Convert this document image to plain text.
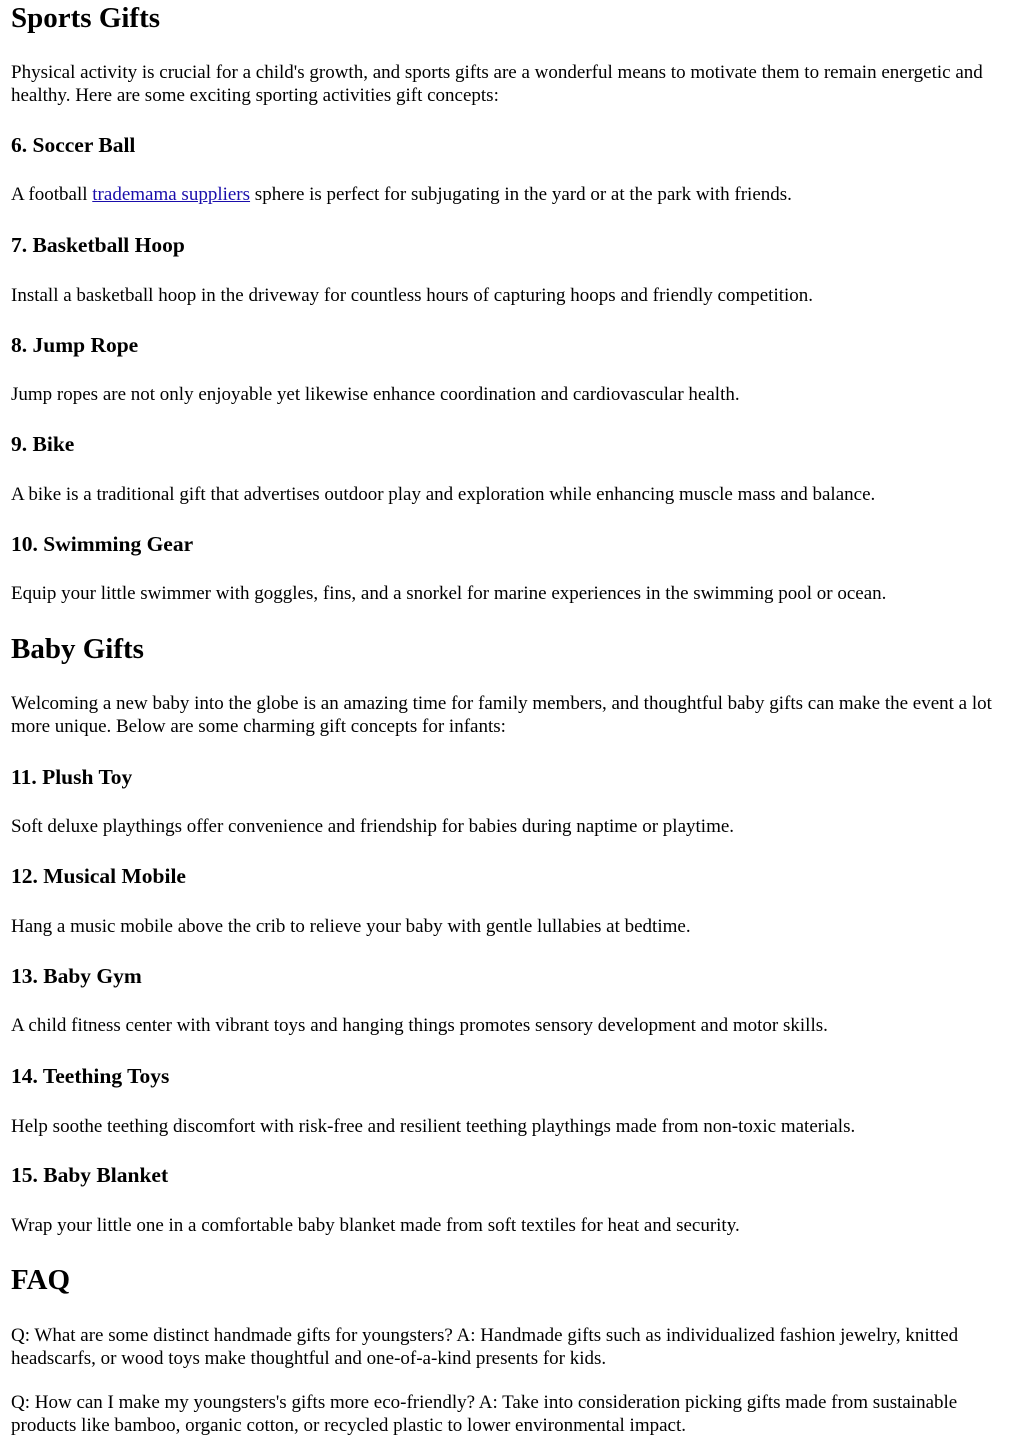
Sports Gifts

Physical activity is crucial for a child's growth, and sports gifts are a wonderful means to motivate them to remain energetic and healthy. Here are some exciting sporting activities gift concepts:

6. Soccer Ball

A football trademama suppliers sphere is perfect for subjugating in the yard or at the park with friends.

7. Basketball Hoop

Install a basketball hoop in the driveway for countless hours of capturing hoops and friendly competition.

8. Jump Rope

Jump ropes are not only enjoyable yet likewise enhance coordination and cardiovascular health.

9. Bike

A bike is a traditional gift that advertises outdoor play and exploration while enhancing muscle mass and balance.

10. Swimming Gear

Equip your little swimmer with goggles, fins, and a snorkel for marine experiences in the swimming pool or ocean.

Baby Gifts

Welcoming a new baby into the globe is an amazing time for family members, and thoughtful baby gifts can make the event a lot more unique. Below are some charming gift concepts for infants:

11. Plush Toy

Soft deluxe playthings offer convenience and friendship for babies during naptime or playtime.

12. Musical Mobile

Hang a music mobile above the crib to relieve your baby with gentle lullabies at bedtime.

13. Baby Gym

A child fitness center with vibrant toys and hanging things promotes sensory development and motor skills.

14. Teething Toys

Help soothe teething discomfort with risk-free and resilient teething playthings made from non-toxic materials.

15. Baby Blanket

Wrap your little one in a comfortable baby blanket made from soft textiles for heat and security.

FAQ

Q: What are some distinct handmade gifts for youngsters? A: Handmade gifts such as individualized fashion jewelry, knitted headscarfs, or wood toys make thoughtful and one-of-a-kind presents for kids.

Q: How can I make my youngsters's gifts more eco-friendly? A: Take into consideration picking gifts made from sustainable products like bamboo, organic cotton, or recycled plastic to lower environmental impact.
